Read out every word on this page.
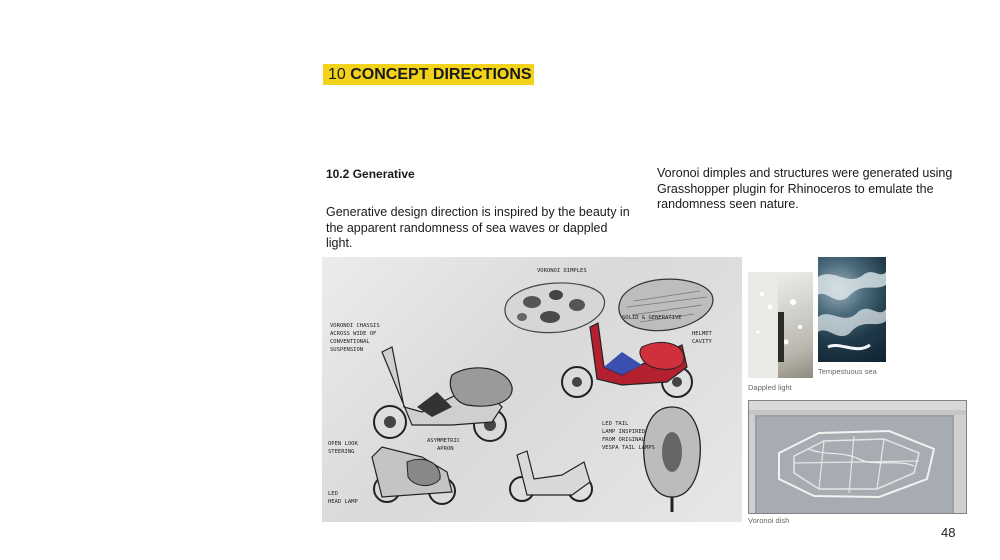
10 CONCEPT DIRECTIONS
10.2 Generative
Generative design direction is inspired by the beauty in the apparent randomness of sea waves or dappled light.
Voronoi dimples and structures were generated using Grasshopper plugin for Rhinoceros to emulate the randomness seen nature.
VORONOI DIMPLES
VORONOI CHASSIS
ACROSS WIDE OF
CONVENTIONAL
SUSPENSION
SOLID & GENERATIVE
HELMET
CAVITY
OPEN LOOK
STEERING
ASYMMETRIC
APRON
LED TAIL
LAMP INSPIRED
FROM ORIGINAL
VESPA TAIL LAMPS
LED
HEAD LAMP
Dappled light
Tempestuous sea
Voronoi dish
48
